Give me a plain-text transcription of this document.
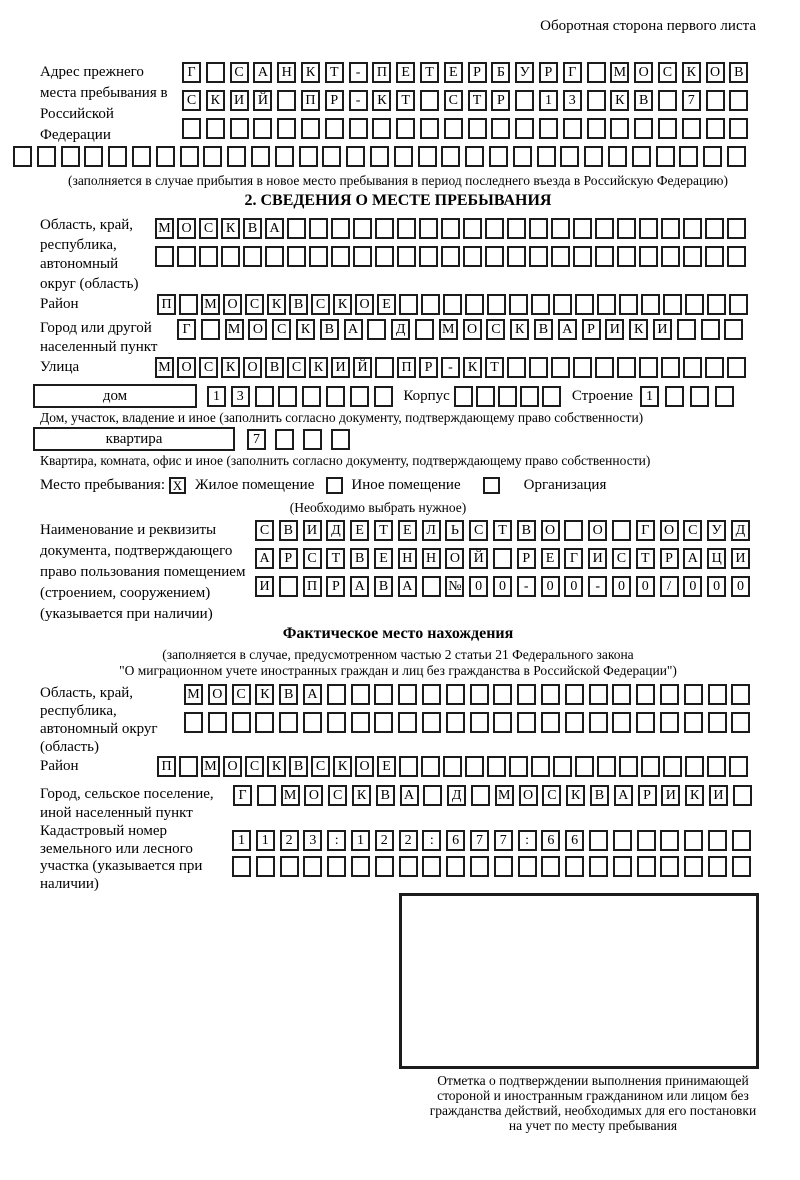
Оборотная сторона первого листа
Адрес прежнего места пребывания в Российской Федерации
Г	С А Н К Т - П Е Т Е Р Б У Р Г	М О С К О В
С К И Й	П Р - К Т	С Т Р	1 3	К В	7

(заполняется в случае прибытия в новое место пребывания в период последнего въезда в Российскую Федерацию)
2. СВЕДЕНИЯ О МЕСТЕ ПРЕБЫВАНИЯ
Область, край, республика, автономный округ (область)
М О С К В А

Район	П М О С К В С К О Е
Город или другой населенный пункт
Г	М О С К В А	Д	М О С К В А Р И К И
Улица	М О С К О В С К И Й П Р - К Т
дом	1 3	Корпус
	Строение 1
Дом, участок, владение и иное (заполнить согласно документу, подтверждающему право собственности)
квартира	7
Квартира, комната, офис и иное (заполнить согласно документу, подтверждающему право собственности)
Место пребывания: X Жилое помещение Иное помещение	Организация
(Необходимо выбрать нужное)
Наименование и реквизиты документа, подтверждающего право пользования помещением (строением, сооружением) (указывается при наличии)
С В И Д Е Т Е Л Ь С Т В О	О	Г О С У Д
А Р С Т В Е Н Н О Й	Р Е Г И С Т Р А Ц И
И	П Р А В А	№ 0 0 - 0 0 - 0 0 / 0 0 0
Фактическое место нахождения
(заполняется в случае, предусмотренном частью 2 статьи 21 Федерального закона
"О миграционном учете иностранных граждан и лиц без гражданства в Российской Федерации")
Область, край, республика, автономный округ (область)
М О С К В А

Район	П М О С К В С К О Е
Город, сельское поселение, иной населенный пункт
Г	М О С К В А	Д	М О С К В А Р И К И
Кадастровый номер земельного или лесного участка (указывается при наличии)
1 1 2 3 : 1 2 2 : 6 7 7 : 6 6

Отметка о подтверждении выполнения принимающей
стороной и иностранным гражданином или лицом без
гражданства действий, необходимых для его постановки
на учет по месту пребывания
